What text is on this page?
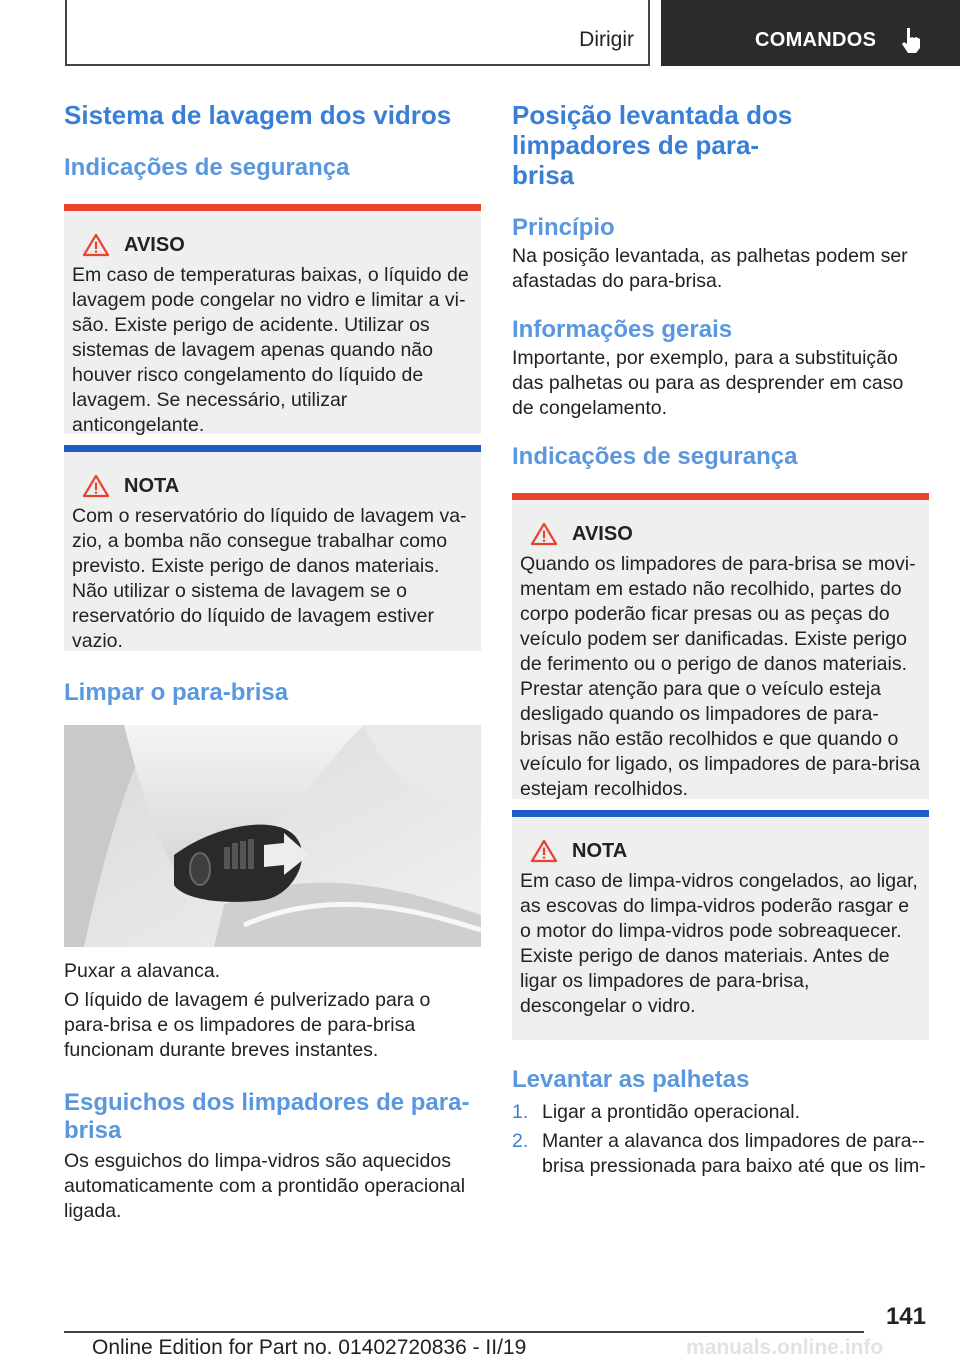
Dirigir	COMANDOS
Sistema de lavagem dos vidros
Indicações de segurança
AVISO

Em caso de temperaturas baixas, o líquido de lavagem pode congelar no vidro e limitar a visão. Existe perigo de acidente. Utilizar os sistemas de lavagem apenas quando não houver risco congelamento do líquido de lavagem. Se necessário, utilizar anticongelante.

NOTA

Com o reservatório do líquido de lavagem vazio, a bomba não consegue trabalhar como previsto. Existe perigo de danos materiais. Não utilizar o sistema de lavagem se o reservatório do líquido de lavagem estiver vazio.

Limpar o para-brisa

Puxar a alavanca.

O líquido de lavagem é pulverizado para o para-brisa e os limpadores de para-brisa funcionam durante breves instantes.

Esguichos dos limpadores de parabrisa

Os esguichos do limpa-vidros são aquecidos automaticamente com a prontidão operacional ligada.

Posição levantada dos limpadores de para-brisa
Princípio

Na posição levantada, as palhetas podem ser afastadas do para-brisa.

Informações gerais

Importante, por exemplo, para a substituição das palhetas ou para as desprender em caso de congelamento.

Indicações de segurança
AVISO

Quando os limpadores de para-brisa se movimentam em estado não recolhido, partes do corpo poderão ficar presas ou as peças do veículo podem ser danificadas. Existe perigo de ferimento ou o perigo de danos materiais. Prestar atenção para que o veículo esteja desligado quando os limpadores de para-brisas não estão recolhidos e que quando o veículo for ligado, os limpadores de para-brisa estejam recolhidos.

NOTA

Em caso de limpa-vidros congelados, ao ligar, as escovas do limpa-vidros poderão rasgar e o motor do limpa-vidros pode sobreaquecer. Existe perigo de danos materiais. Antes de ligar os limpadores de para-brisa, descongelar o vidro.

Levantar as palhetas
1. Ligar a prontidão operacional.
2. Manter a alavanca dos limpadores de para-brisa pressionada para baixo até que os lim-
141
Online Edition for Part no. 01402720836 - II/19	manuals.online.info
